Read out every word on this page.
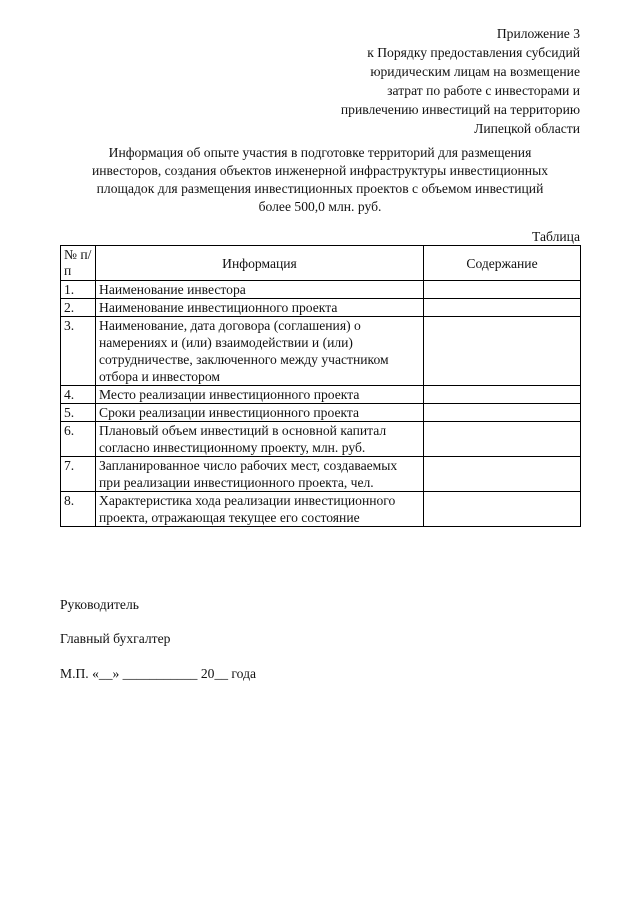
Приложение 3
к Порядку предоставления субсидий
юридическим лицам на возмещение
затрат по работе с инвесторами и
привлечению инвестиций на территорию
Липецкой области
Информация об опыте участия в подготовке территорий для размещения
инвесторов, создания объектов инженерной инфраструктуры инвестиционных
площадок для размещения инвестиционных проектов с объемом инвестиций
более 500,0 млн. руб.
Таблица
№ п/п	Информация	Содержание
1.	Наименование инвестора	
2.	Наименование инвестиционного проекта	
3.	Наименование, дата договора (соглашения) о намерениях и (или) взаимодействии и (или) сотрудничестве, заключенного между участником отбора и инвестором	
4.	Место реализации инвестиционного проекта	
5.	Сроки реализации инвестиционного проекта	
6.	Плановый объем инвестиций в основной капитал согласно инвестиционному проекту, млн. руб.	
7.	Запланированное число рабочих мест, создаваемых при реализации инвестиционного проекта, чел.	
8.	Характеристика хода реализации инвестиционного проекта, отражающая текущее его состояние	
Руководитель
Главный бухгалтер
М.П. «__» ___________ 20__ года
